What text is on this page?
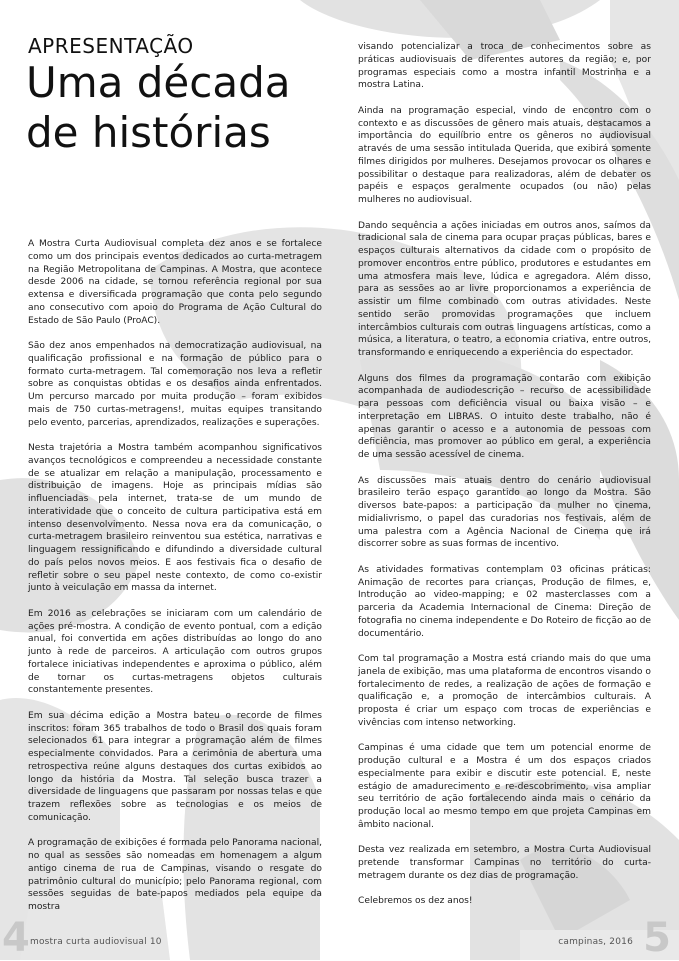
APRESENTAÇÃO
Uma década
de histórias

A Mostra Curta Audiovisual completa dez anos e se fortalece como um dos principais eventos dedicados ao curta-metragem na Região Metropolitana de Campinas. A Mostra, que acontece desde 2006 na cidade, se tornou referência regional por sua extensa e diversificada programação que conta pelo segundo ano consecutivo com apoio do Programa de Ação Cultural do Estado de São Paulo (ProAC).

São dez anos empenhados na democratização audiovisual, na qualificação profissional e na formação de público para o formato curta-metragem. Tal comemoração nos leva a refletir sobre as conquistas obtidas e os desafios ainda enfrentados. Um percurso marcado por muita produção – foram exibidos mais de 750 curtas-metragens!, muitas equipes transitando pelo evento, parcerias, aprendizados, realizações e superações.

Nesta trajetória a Mostra também acompanhou significativos avanços tecnológicos e compreendeu a necessidade constante de se atualizar em relação a manipulação, processamento e distribuição de imagens. Hoje as principais mídias são influenciadas pela internet, trata-se de um mundo de interatividade que o conceito de cultura participativa está em intenso desenvolvimento. Nessa nova era da comunicação, o curta-metragem brasileiro reinventou sua estética, narrativas e linguagem ressignificando e difundindo a diversidade cultural do país pelos novos meios. E aos festivais fica o desafio de refletir sobre o seu papel neste contexto, de como co-existir junto à veiculação em massa da internet.

Em 2016 as celebrações se iniciaram com um calendário de ações pré-mostra. A condição de evento pontual, com a edição anual, foi convertida em ações distribuídas ao longo do ano junto à rede de parceiros. A articulação com outros grupos fortalece iniciativas independentes e aproxima o público, além de tornar os curtas-metragens objetos culturais constantemente presentes.

Em sua décima edição a Mostra bateu o recorde de filmes inscritos: foram 365 trabalhos de todo o Brasil dos quais foram selecionados 61 para integrar a programação além de filmes especialmente convidados. Para a cerimônia de abertura uma retrospectiva reúne alguns destaques dos curtas exibidos ao longo da história da Mostra. Tal seleção busca trazer a diversidade de linguagens que passaram por nossas telas e que trazem reflexões sobre as tecnologias e os meios de comunicação.

A programação de exibições é formada pelo Panorama nacional, no qual as sessões são nomeadas em homenagem a algum antigo cinema de rua de Campinas, visando o resgate do patrimônio cultural do município; pelo Panorama regional, com sessões seguidas de bate-papos mediados pela equipe da mostra

visando potencializar a troca de conhecimentos sobre as práticas audiovisuais de diferentes autores da região; e, por programas especiais como a mostra infantil Mostrinha e a mostra Latina.

Ainda na programação especial, vindo de encontro com o contexto e as discussões de gênero mais atuais, destacamos a importância do equilíbrio entre os gêneros no audiovisual através de uma sessão intitulada Querida, que exibirá somente filmes dirigidos por mulheres. Desejamos provocar os olhares e possibilitar o destaque para realizadoras, além de debater os papéis e espaços geralmente ocupados (ou não) pelas mulheres no audiovisual.

Dando sequência a ações iniciadas em outros anos, saímos da tradicional sala de cinema para ocupar praças públicas, bares e espaços culturais alternativos da cidade com o propósito de promover encontros entre público, produtores e estudantes em uma atmosfera mais leve, lúdica e agregadora. Além disso, para as sessões ao ar livre proporcionamos a experiência de assistir um filme combinado com outras atividades. Neste sentido serão promovidas programações que incluem intercâmbios culturais com outras linguagens artísticas, como a música, a literatura, o teatro, a economia criativa, entre outros, transformando e enriquecendo a experiência do espectador.

Alguns dos filmes da programação contarão com exibição acompanhada de audiodescrição – recurso de acessibilidade para pessoas com deficiência visual ou baixa visão – e interpretação em LIBRAS. O intuito deste trabalho, não é apenas garantir o acesso e a autonomia de pessoas com deficiência, mas promover ao público em geral, a experiência de uma sessão acessível de cinema.

As discussões mais atuais dentro do cenário audiovisual brasileiro terão espaço garantido ao longo da Mostra. São diversos bate-papos: a participação da mulher no cinema, midialivrismo, o papel das curadorias nos festivais, além de uma palestra com a Agência Nacional de Cinema que irá discorrer sobre as suas formas de incentivo.

As atividades formativas contemplam 03 oficinas práticas: Animação de recortes para crianças, Produção de filmes, e, Introdução ao video-mapping; e 02 masterclasses com a parceria da Academia Internacional de Cinema: Direção de fotografia no cinema independente e Do Roteiro de ficção ao de documentário.

Com tal programação a Mostra está criando mais do que uma janela de exibição, mas uma plataforma de encontros visando o fortalecimento de redes, a realização de ações de formação e qualificação e, a promoção de intercâmbios culturais. A proposta é criar um espaço com trocas de experiências e vivências com intenso networking.

Campinas é uma cidade que tem um potencial enorme de produção cultural e a Mostra é um dos espaços criados especialmente para exibir e discutir este potencial. E, neste estágio de amadurecimento e re-descobrimento, visa ampliar seu território de ação fortalecendo ainda mais o cenário da produção local ao mesmo tempo em que projeta Campinas em âmbito nacional.

Desta vez realizada em setembro, a Mostra Curta Audiovisual pretende transformar Campinas no território do curta-metragem durante os dez dias de programação.

Celebremos os dez anos!

4 mostra curta audiovisual 10	campinas, 2016 5
